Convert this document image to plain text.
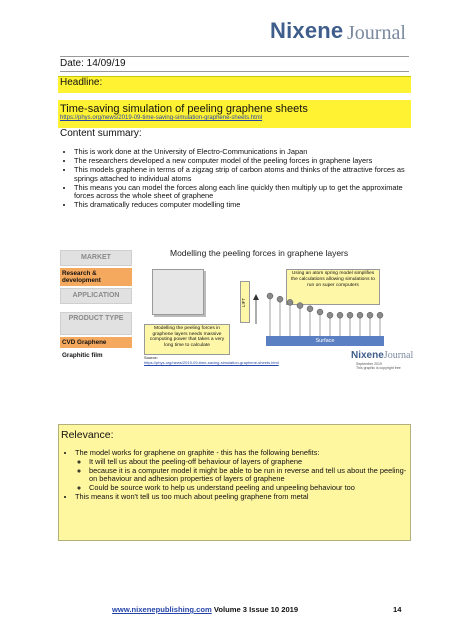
Nixene Journal
Date: 14/09/19
Headline:
Time-saving simulation of peeling graphene sheets
https://phys.org/news/2019-09-time-saving-simulation-graphene-sheets.html
Content summary:
• This is work done at the University of Electro-Communications in Japan
• The researchers developed a new computer model of the peeling forces in graphene layers
• This models graphene in terms of a zigzag strip of carbon atoms and thinks of the attractive forces as springs attached to individual atoms
• This means you can model the forces along each line quickly then multiply up to get the approximate forces across the whole sheet of graphene
• This dramatically reduces computer modelling time
MARKET
Research & development
APPLICATION
PRODUCT TYPE
CVD Graphene
Graphitic film
Modelling the peeling forces in graphene layers
Modelling the peeling forces in graphene layers needs massive computing power that takes a very long time to calculate
Using an atom spring model simplifies the calculations allowing simulations to run on super computers
LIFT
Surface
Source:
https://phys.org/news/2019-09-time-saving-simulation-graphene-sheets.html
NixeneJournal
September 2019
This graphic is copyright free
Relevance:
• The model works for graphene on graphite - this has the following benefits:
◦ It will tell us about the peeling-off behaviour of layers of graphene
◦ because it is a computer model it might be able to be run in reverse and tell us about the peeling-on behaviour and adhesion properties of layers of graphene
◦ Could be source work to help us understand peeling and unpeeling behaviour too
• This means it won't tell us too much about peeling graphene from metal
www.nixenepublishing.com Volume 3 Issue 10 2019	14
